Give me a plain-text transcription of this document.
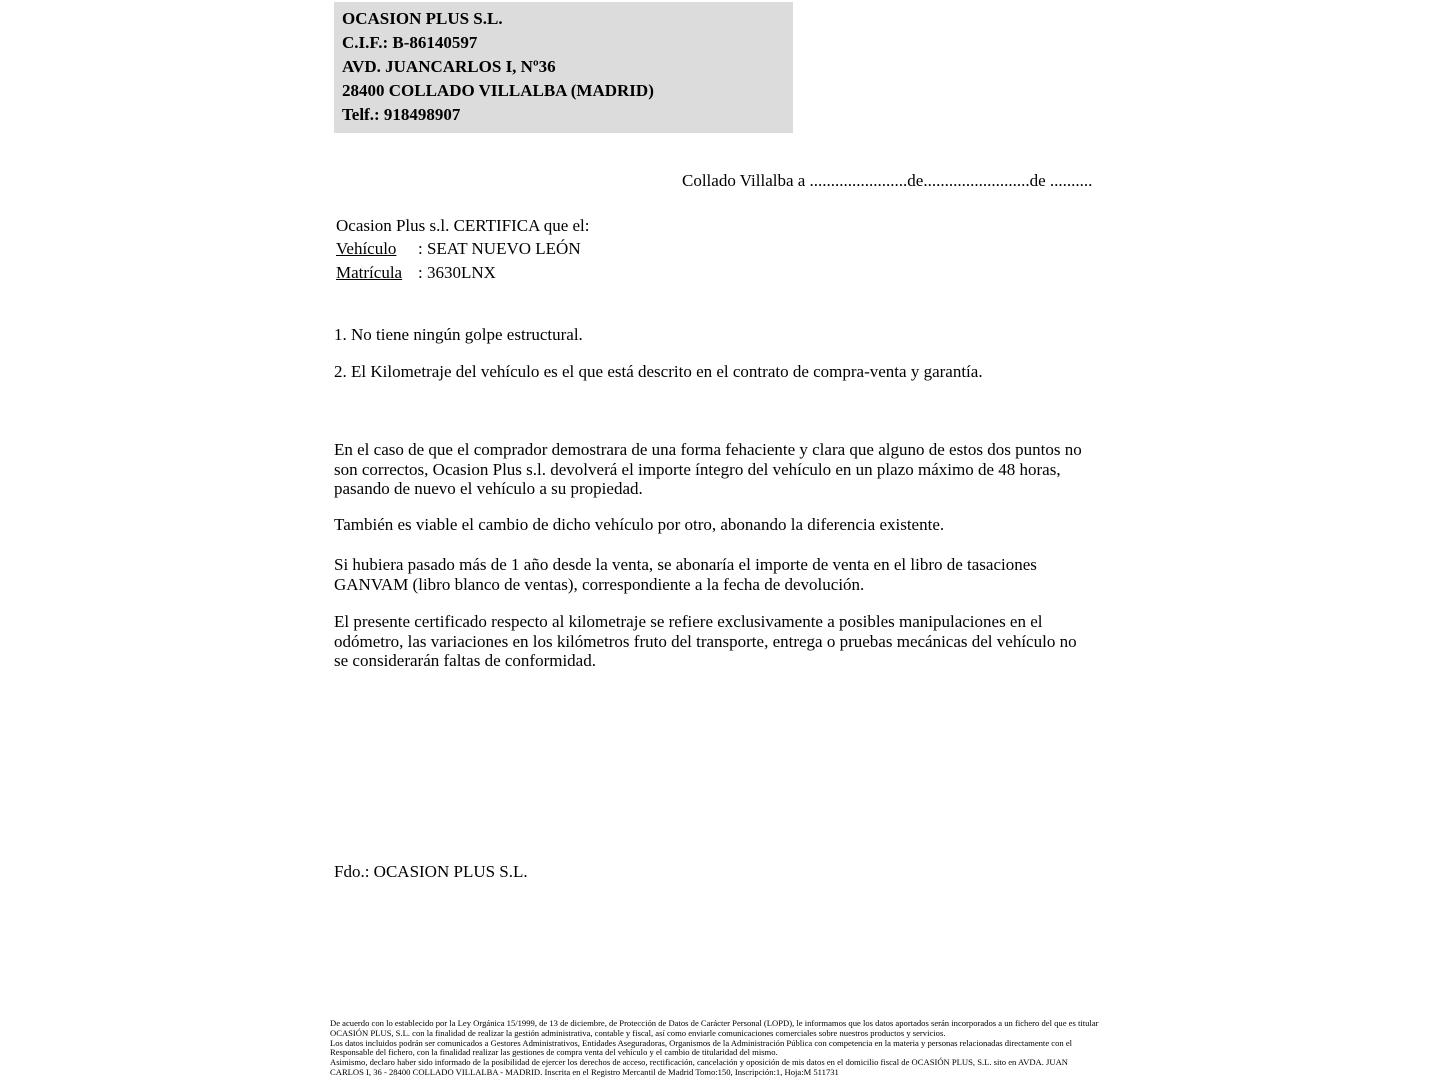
OCASION PLUS S.L.
C.I.F.: B-86140597
AVD. JUANCARLOS I, Nº36
28400 COLLADO VILLALBA (MADRID)
Telf.: 918498907
Collado Villalba a .......................de.........................de ..........
Ocasion Plus s.l. CERTIFICA que el:
Vehículo : SEAT NUEVO LEÓN
Matrícula : 3630LNX
1. No tiene ningún golpe estructural.
2. El Kilometraje del vehículo es el que está descrito en el contrato de compra-venta y garantía.
En el caso de que el comprador demostrara de una forma fehaciente y clara que alguno de estos dos puntos no son correctos, Ocasion Plus s.l. devolverá el importe íntegro del vehículo en un plazo máximo de 48 horas, pasando de nuevo el vehículo a su propiedad.
También es viable el cambio de dicho vehículo por otro, abonando la diferencia existente.
Si hubiera pasado más de 1 año desde la venta, se abonaría el importe de venta en el libro de tasaciones GANVAM (libro blanco de ventas), correspondiente a la fecha de devolución.
El presente certificado respecto al kilometraje se refiere exclusivamente a posibles manipulaciones en el odómetro, las variaciones en los kilómetros fruto del transporte, entrega o pruebas mecánicas del vehículo no se considerarán faltas de conformidad.
Fdo.: OCASION PLUS S.L.

De acuerdo con lo establecido por la Ley Orgánica 15/1999, de 13 de diciembre, de Protección de Datos de Carácter Personal (LOPD), le informamos que los datos aportados serán incorporados a un fichero del que es titular OCASIÓN PLUS, S.L. con la finalidad de realizar la gestión administrativa, contable y fiscal, así como enviarle comunicaciones comerciales sobre nuestros productos y servicios.

Los datos incluidos podrán ser comunicados a Gestores Administrativos, Entidades Aseguradoras, Organismos de la Administración Pública con competencia en la materia y personas relacionadas directamente con el Responsable del fichero, con la finalidad realizar las gestiones de compra venta del vehículo y el cambio de titularidad del mismo.

Asimismo, declaro haber sido informado de la posibilidad de ejercer los derechos de acceso, rectificación, cancelación y oposición de mis datos en el domicilio fiscal de OCASIÓN PLUS, S.L. sito en AVDA. JUAN CARLOS I, 36 - 28400 COLLADO VILLALBA - MADRID. Inscrita en el Registro Mercantil de Madrid Tomo:150, Inscripción:1, Hoja:M 511731
